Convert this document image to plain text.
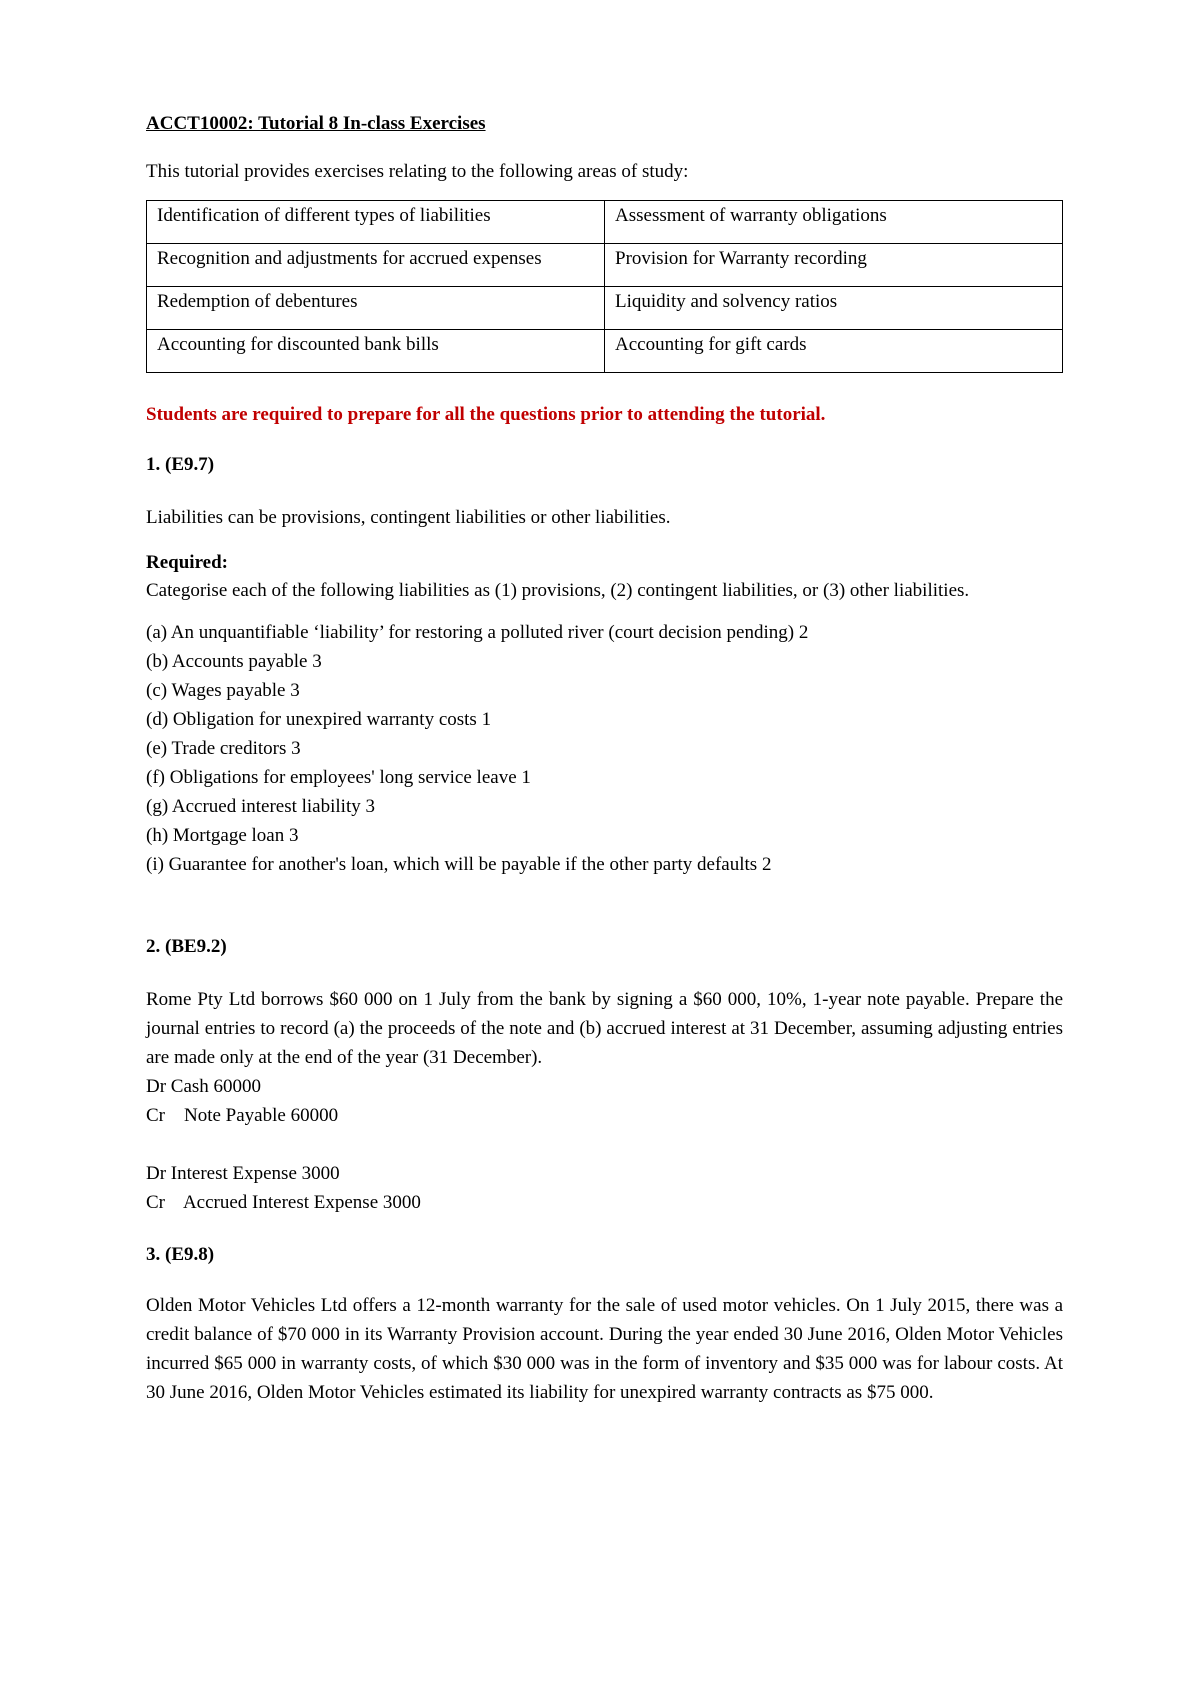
ACCT10002: Tutorial 8 In-class Exercises
This tutorial provides exercises relating to the following areas of study:
Identification of different types of liabilities	Assessment of warranty obligations
Recognition and adjustments for accrued expenses	Provision for Warranty recording
Redemption of debentures	Liquidity and solvency ratios
Accounting for discounted bank bills	Accounting for gift cards
Students are required to prepare for all the questions prior to attending the tutorial.
1. (E9.7)
Liabilities can be provisions, contingent liabilities or other liabilities.
Required:
Categorise each of the following liabilities as (1) provisions, (2) contingent liabilities, or (3) other liabilities.
(a) An unquantifiable ‘liability’ for restoring a polluted river (court decision pending) 2
(b) Accounts payable 3
(c) Wages payable 3
(d) Obligation for unexpired warranty costs 1
(e) Trade creditors 3
(f) Obligations for employees' long service leave 1
(g) Accrued interest liability 3
(h) Mortgage loan 3
(i) Guarantee for another's loan, which will be payable if the other party defaults 2
2. (BE9.2)
Rome Pty Ltd borrows $60 000 on 1 July from the bank by signing a $60 000, 10%, 1-year note payable. Prepare the journal entries to record (a) the proceeds of the note and (b) accrued interest at 31 December, assuming adjusting entries are made only at the end of the year (31 December).
Dr Cash 60000
Cr    Note Payable 60000
Dr Interest Expense 3000
Cr    Accrued Interest Expense 3000
3. (E9.8)
Olden Motor Vehicles Ltd offers a 12-month warranty for the sale of used motor vehicles. On 1 July 2015, there was a credit balance of $70 000 in its Warranty Provision account. During the year ended 30 June 2016, Olden Motor Vehicles incurred $65 000 in warranty costs, of which $30 000 was in the form of inventory and $35 000 was for labour costs. At 30 June 2016, Olden Motor Vehicles estimated its liability for unexpired warranty contracts as $75 000.
